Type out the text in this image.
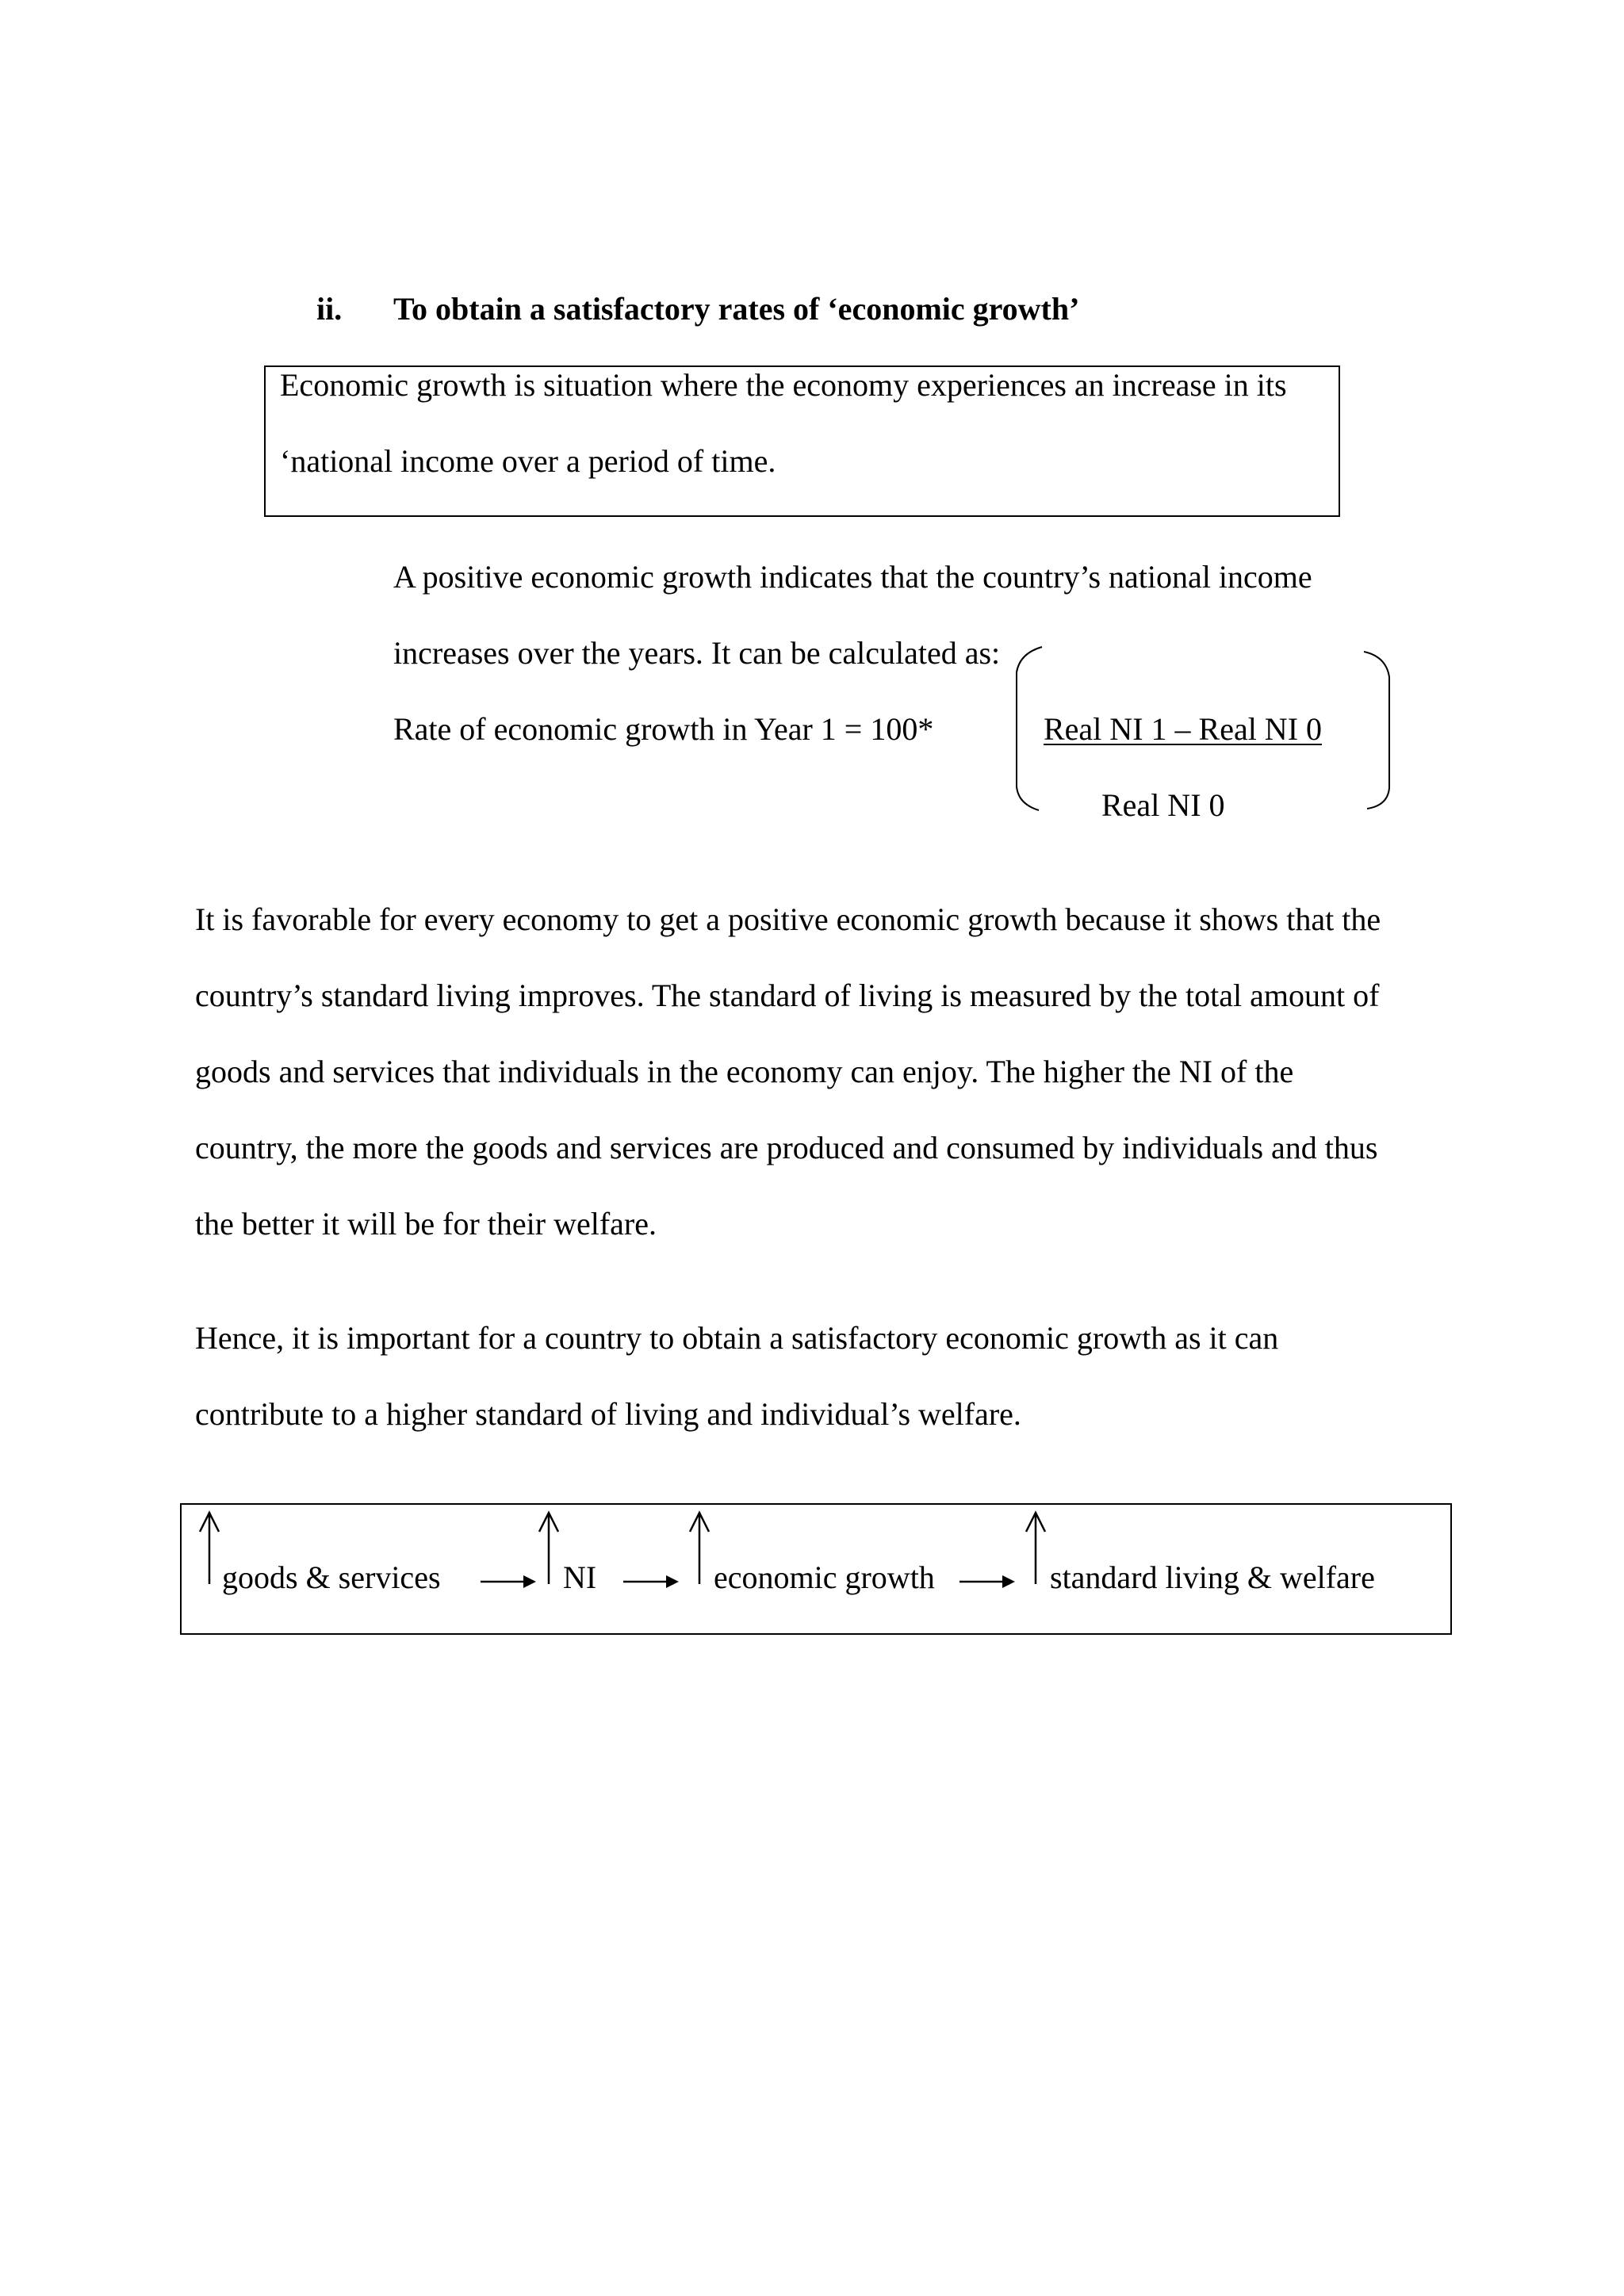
ii. To obtain a satisfactory rates of ‘economic growth’
Economic growth is situation where the economy experiences an increase in its
‘national income over a period of time.
A positive economic growth indicates that the country’s national income
increases over the years. It can be calculated as:
Rate of economic growth in Year 1 = 100*	Real NI 1 – Real NI 0
Real NI 0
It is favorable for every economy to get a positive economic growth because it shows that the
country’s standard living improves. The standard of living is measured by the total amount of
goods and services that individuals in the economy can enjoy. The higher the NI of the
country, the more the goods and services are produced and consumed by individuals and thus
the better it will be for their welfare.
Hence, it is important for a country to obtain a satisfactory economic growth as it can
contribute to a higher standard of living and individual’s welfare.
goods & services	NI	economic growth	standard living & welfare
